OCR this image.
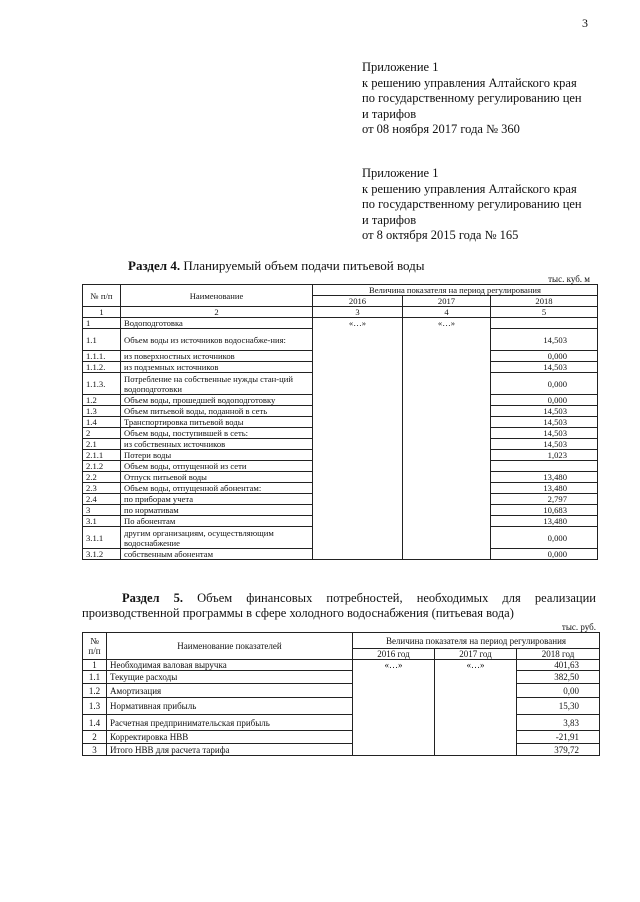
3
Приложение 1
к решению управления Алтайского края
по государственному регулированию цен
и тарифов
от 08 ноября 2017 года № 360
Приложение 1
к решению управления Алтайского края
по государственному регулированию цен
и тарифов
от 8 октября 2015 года № 165
Раздел 4. Планируемый объем подачи питьевой воды
тыс. куб. м
№ п/п	Наименование	Величина показателя на период регулирования		
		2016	2017	2018
1	2	3	4	5
1	Водоподготовка	«…»	«…»	
1.1	Объем воды из источников водоснабже-ния:			14,503
1.1.1.	из поверхностных источников			0,000
1.1.2.	из подземных источников			14,503
1.1.3.	Потребление на собственные нужды стан-ций водоподготовки			0,000
1.2	Объем воды, прошедшей водоподготовку			0,000
1.3	Объем питьевой воды, поданной в сеть			14,503
1.4	Транспортировка питьевой воды			14,503
2	Объем воды, поступившей в сеть:			14,503
2.1	из собственных источников			14,503
2.1.1	Потери воды			1,023
2.1.2	Объем воды, отпущенной из сети			
2.2	Отпуск питьевой воды			13,480
2.3	Объем воды, отпущенной абонентам:			13,480
2.4	по приборам учета			2,797
3	по нормативам			10,683
3.1	По абонентам			13,480
3.1.1	другим организациям, осуществляющим водоснабжение			0,000
3.1.2	собственным абонентам			0,000
Раздел 5. Объем финансовых потребностей, необходимых для реализации производственной программы в сфере холодного водоснабжения (питьевая вода)
тыс. руб.
№ п/п	Наименование показателей	Величина показателя на период регулирования		
		2016 год	2017 год	2018 год
1	Необходимая валовая выручка	«…»	«…»	401,63
1.1	Текущие расходы			382,50
1.2	Амортизация			0,00
1.3	Нормативная прибыль			15,30
1.4	Расчетная предпринимательская прибыль			3,83
2	Корректировка НВВ			-21,91
3	Итого НВВ для расчета тарифа			379,72
